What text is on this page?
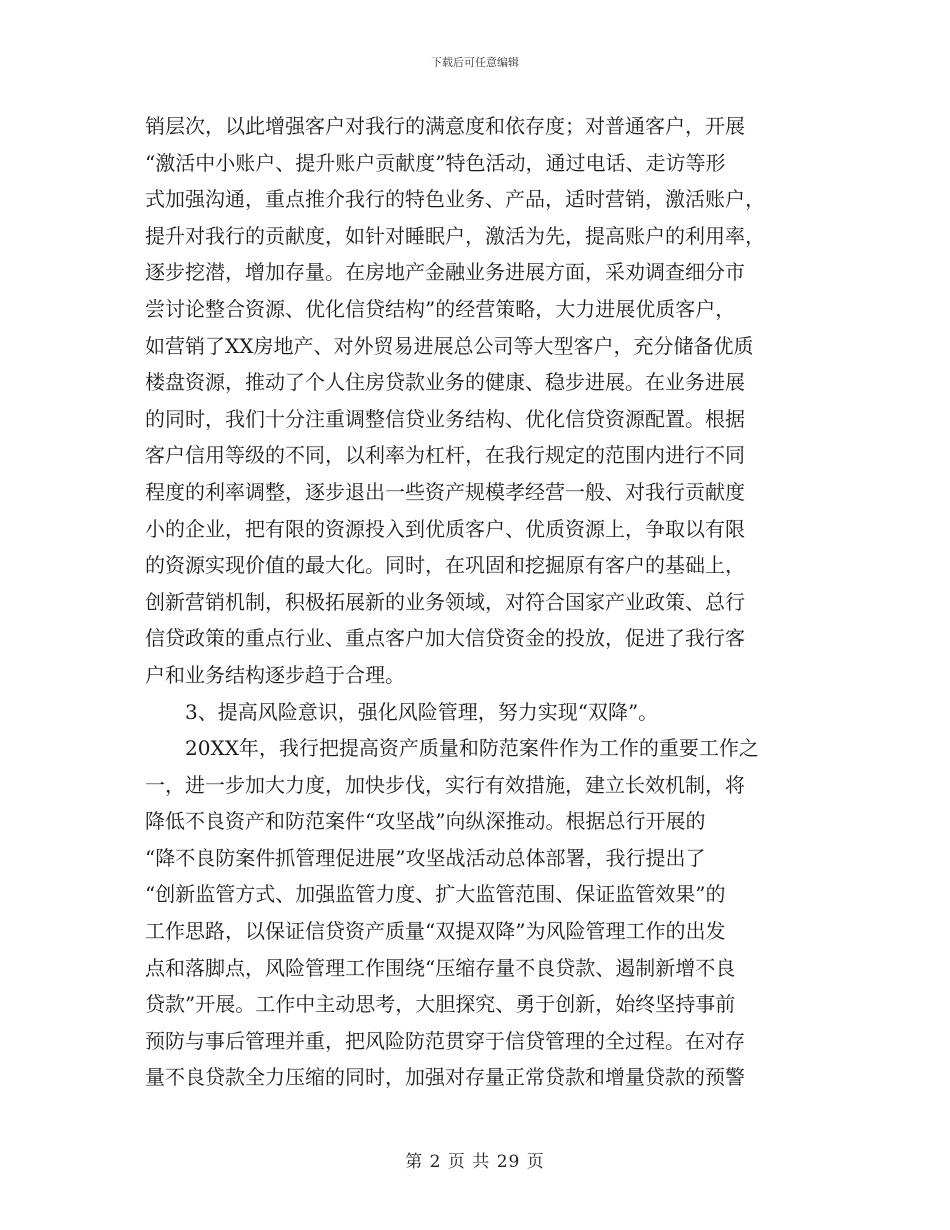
下载后可任意编辑
销层次，以此增强客户对我行的满意度和依存度；对普通客户，开展
“激活中小账户、提升账户贡献度”特色活动，通过电话、走访等形
式加强沟通，重点推介我行的特色业务、产品，适时营销，激活账户，
提升对我行的贡献度，如针对睡眠户，激活为先，提高账户的利用率，
逐步挖潜，增加存量。在房地产金融业务进展方面，采劝调查细分市
尝讨论整合资源、优化信贷结构”的经营策略，大力进展优质客户，
如营销了XX房地产、对外贸易进展总公司等大型客户，充分储备优质
楼盘资源，推动了个人住房贷款业务的健康、稳步进展。在业务进展
的同时，我们十分注重调整信贷业务结构、优化信贷资源配置。根据
客户信用等级的不同，以利率为杠杆，在我行规定的范围内进行不同
程度的利率调整，逐步退出一些资产规模孝经营一般、对我行贡献度
小的企业，把有限的资源投入到优质客户、优质资源上，争取以有限
的资源实现价值的最大化。同时，在巩固和挖掘原有客户的基础上，
创新营销机制，积极拓展新的业务领域，对符合国家产业政策、总行
信贷政策的重点行业、重点客户加大信贷资金的投放，促进了我行客
户和业务结构逐步趋于合理。
3、提高风险意识，强化风险管理，努力实现“双降”。
20XX年，我行把提高资产质量和防范案件作为工作的重要工作之
一，进一步加大力度，加快步伐，实行有效措施，建立长效机制，将
降低不良资产和防范案件“攻坚战”向纵深推动。根据总行开展的
“降不良防案件抓管理促进展”攻坚战活动总体部署，我行提出了
“创新监管方式、加强监管力度、扩大监管范围、保证监管效果”的
工作思路，以保证信贷资产质量“双提双降”为风险管理工作的出发
点和落脚点，风险管理工作围绕“压缩存量不良贷款、遏制新增不良
贷款”开展。工作中主动思考，大胆探究、勇于创新，始终坚持事前
预防与事后管理并重，把风险防范贯穿于信贷管理的全过程。在对存
量不良贷款全力压缩的同时，加强对存量正常贷款和增量贷款的预警
第 2 页 共 29 页
